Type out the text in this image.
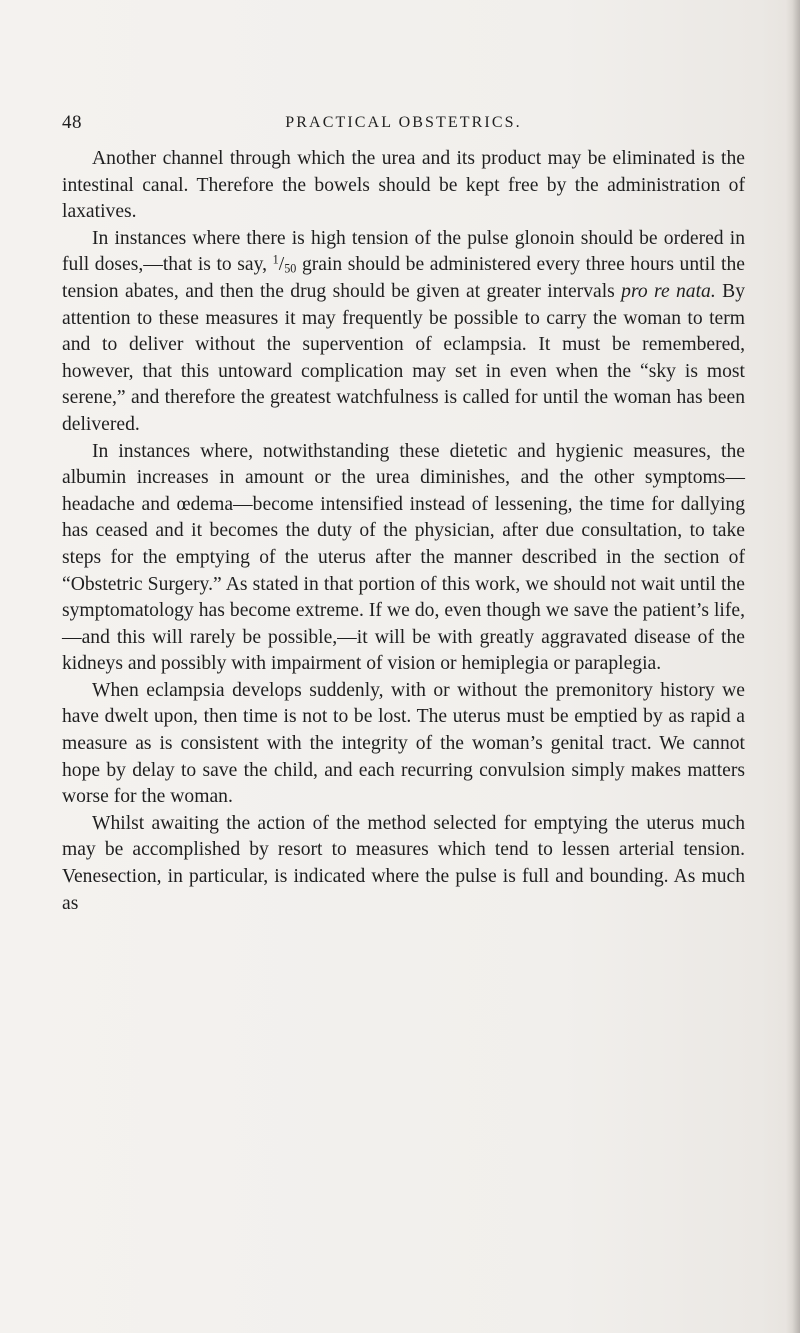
48	PRACTICAL OBSTETRICS.

Another channel through which the urea and its product may be eliminated is the intestinal canal. Therefore the bowels should be kept free by the administration of laxatives.

In instances where there is high tension of the pulse glonoin should be ordered in full doses,—that is to say, $^1/_{50}$ grain should be administered every three hours until the tension abates, and then the drug should be given at greater intervals pro re nata. By attention to these measures it may frequently be possible to carry the woman to term and to deliver without the supervention of eclampsia. It must be remembered, however, that this untoward complication may set in even when the “sky is most serene,” and therefore the greatest watchfulness is called for until the woman has been delivered.

In instances where, notwithstanding these dietetic and hygienic measures, the albumin increases in amount or the urea diminishes, and the other symptoms—headache and œdema—become intensified instead of lessening, the time for dallying has ceased and it becomes the duty of the physician, after due consultation, to take steps for the emptying of the uterus after the manner described in the section of “Obstetric Surgery.” As stated in that portion of this work, we should not wait until the symptomatology has become extreme. If we do, even though we save the patient’s life,—and this will rarely be possible,—it will be with greatly aggravated disease of the kidneys and possibly with impairment of vision or hemiplegia or paraplegia.

When eclampsia develops suddenly, with or without the premonitory history we have dwelt upon, then time is not to be lost. The uterus must be emptied by as rapid a measure as is consistent with the integrity of the woman’s genital tract. We cannot hope by delay to save the child, and each recurring convulsion simply makes matters worse for the woman.

Whilst awaiting the action of the method selected for emptying the uterus much may be accomplished by resort to measures which tend to lessen arterial tension. Venesection, in particular, is indicated where the pulse is full and bounding. As much as
